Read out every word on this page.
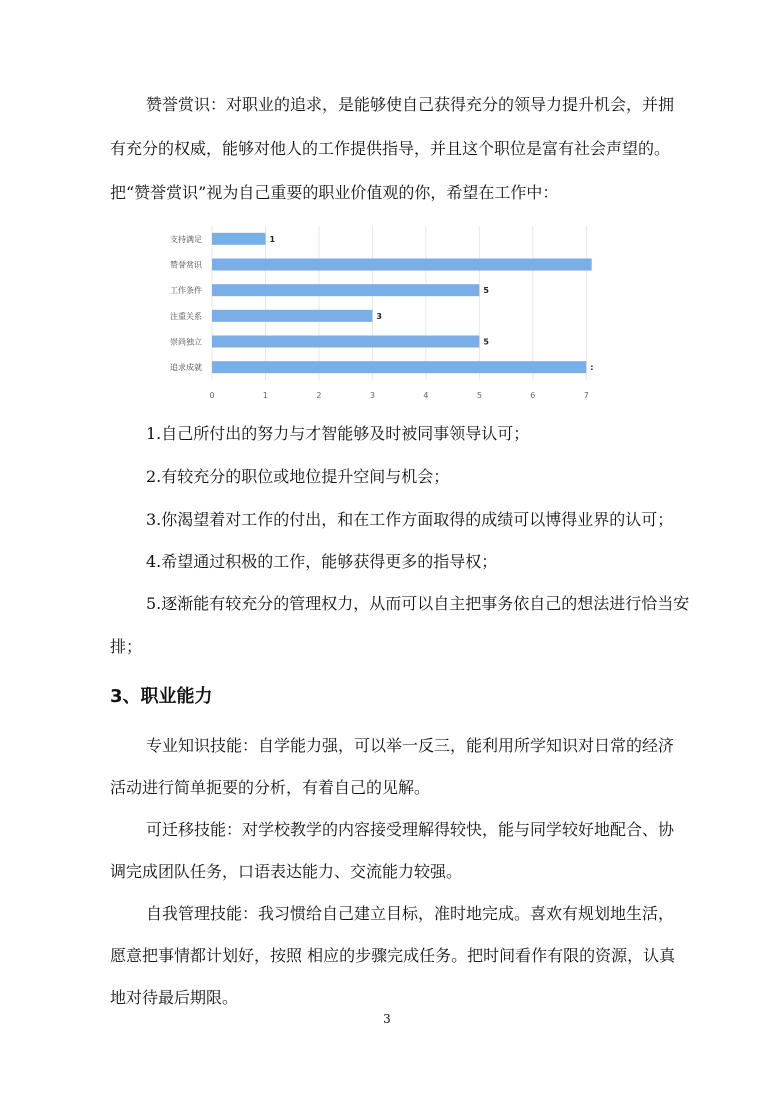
赞誉赏识：对职业的追求，是能够使自己获得充分的领导力提升机会，并拥
有充分的权威，能够对他人的工作提供指导，并且这个职位是富有社会声望的。
把“赞誉赏识”视为自己重要的职业价值观的你，希望在工作中：
0	1	2	3	4	5	6	7
支持满足	1
赞誉赏识
工作条件	5
注重关系	3
崇尚独立	5
追求成就	:
1.自己所付出的努力与才智能够及时被同事领导认可；
2.有较充分的职位或地位提升空间与机会；
3.你渴望着对工作的付出，和在工作方面取得的成绩可以博得业界的认可；
4.希望通过积极的工作，能够获得更多的指导权；
5.逐渐能有较充分的管理权力，从而可以自主把事务依自己的想法进行恰当安
排；
3、职业能力
专业知识技能：自学能力强，可以举一反三，能利用所学知识对日常的经济
活动进行简单扼要的分析，有着自己的见解。
可迁移技能：对学校教学的内容接受理解得较快，能与同学较好地配合、协
调完成团队任务，口语表达能力、交流能力较强。
自我管理技能：我习惯给自己建立目标，准时地完成。喜欢有规划地生活，
愿意把事情都计划好，按照 相应的步骤完成任务。把时间看作有限的资源，认真
地对待最后期限。
3
